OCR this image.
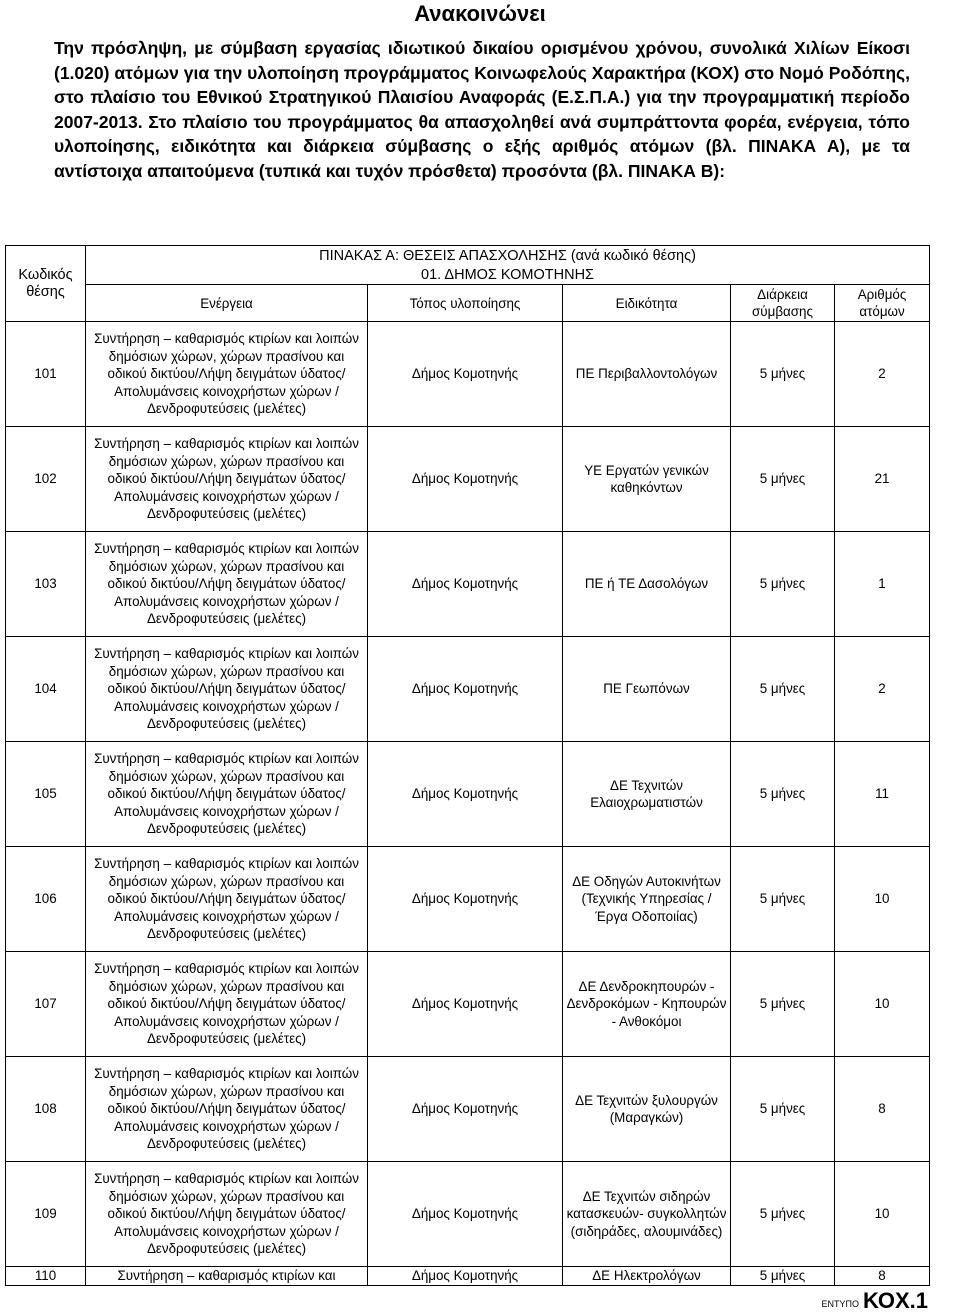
Ανακοινώνει

Την πρόσληψη, με σύμβαση εργασίας ιδιωτικού δικαίου ορισμένου χρόνου, συνολικά Χιλίων Είκοσι (1.020) ατόμων για την υλοποίηση προγράμματος Κοινωφελούς Χαρακτήρα (ΚΟΧ) στο Νομό Ροδόπης, στο πλαίσιο του Εθνικού Στρατηγικού Πλαισίου Αναφοράς (Ε.Σ.Π.Α.) για την προγραμματική περίοδο 2007-2013. Στο πλαίσιο του προγράμματος θα απασχοληθεί ανά συμπράττοντα φορέα, ενέργεια, τόπο υλοποίησης, ειδικότητα και διάρκεια σύμβασης ο εξής αριθμός ατόμων (βλ. ΠΙΝΑΚΑ Α), με τα αντίστοιχα απαιτούμενα (τυπικά και τυχόν πρόσθετα) προσόντα (βλ. ΠΙΝΑΚΑ Β):

Κωδικός θέσης	ΠΙΝΑΚΑΣ Α: ΘΕΣΕΙΣ ΑΠΑΣΧΟΛΗΣΗΣ (ανά κωδικό θέσης)				
	01. ΔΗΜΟΣ ΚΟΜΟΤΗΝΗΣ				
	Ενέργεια	Τόπος υλοποίησης	Ειδικότητα	Διάρκεια σύμβασης	Αριθμός ατόμων
101	Συντήρηση – καθαρισμός κτιρίων και λοιπών δημόσιων χώρων, χώρων πρασίνου και οδικού δικτύου/Λήψη δειγμάτων ύδατος/Απολυμάνσεις κοινοχρήστων χώρων / Δενδροφυτεύσεις (μελέτες)	Δήμος Κομοτηνής	ΠΕ Περιβαλλοντολόγων	5 μήνες	2
102	Συντήρηση – καθαρισμός κτιρίων και λοιπών δημόσιων χώρων, χώρων πρασίνου και οδικού δικτύου/Λήψη δειγμάτων ύδατος/Απολυμάνσεις κοινοχρήστων χώρων / Δενδροφυτεύσεις (μελέτες)	Δήμος Κομοτηνής	ΥΕ Εργατών γενικών καθηκόντων	5 μήνες	21
103	Συντήρηση – καθαρισμός κτιρίων και λοιπών δημόσιων χώρων, χώρων πρασίνου και οδικού δικτύου/Λήψη δειγμάτων ύδατος/Απολυμάνσεις κοινοχρήστων χώρων / Δενδροφυτεύσεις (μελέτες)	Δήμος Κομοτηνής	ΠΕ ή ΤΕ Δασολόγων	5 μήνες	1
104	Συντήρηση – καθαρισμός κτιρίων και λοιπών δημόσιων χώρων, χώρων πρασίνου και οδικού δικτύου/Λήψη δειγμάτων ύδατος/Απολυμάνσεις κοινοχρήστων χώρων / Δενδροφυτεύσεις (μελέτες)	Δήμος Κομοτηνής	ΠΕ Γεωπόνων	5 μήνες	2
105	Συντήρηση – καθαρισμός κτιρίων και λοιπών δημόσιων χώρων, χώρων πρασίνου και οδικού δικτύου/Λήψη δειγμάτων ύδατος/Απολυμάνσεις κοινοχρήστων χώρων / Δενδροφυτεύσεις (μελέτες)	Δήμος Κομοτηνής	ΔΕ Τεχνιτών Ελαιοχρωματιστών	5 μήνες	11
106	Συντήρηση – καθαρισμός κτιρίων και λοιπών δημόσιων χώρων, χώρων πρασίνου και οδικού δικτύου/Λήψη δειγμάτων ύδατος/Απολυμάνσεις κοινοχρήστων χώρων / Δενδροφυτεύσεις (μελέτες)	Δήμος Κομοτηνής	ΔΕ Οδηγών Αυτοκινήτων (Τεχνικής Υπηρεσίας / Έργα Οδοποιίας)	5 μήνες	10
107	Συντήρηση – καθαρισμός κτιρίων και λοιπών δημόσιων χώρων, χώρων πρασίνου και οδικού δικτύου/Λήψη δειγμάτων ύδατος/Απολυμάνσεις κοινοχρήστων χώρων / Δενδροφυτεύσεις (μελέτες)	Δήμος Κομοτηνής	ΔΕ Δενδροκηπουρών - Δενδροκόμων - Κηπουρών - Ανθοκόμοι	5 μήνες	10
108	Συντήρηση – καθαρισμός κτιρίων και λοιπών δημόσιων χώρων, χώρων πρασίνου και οδικού δικτύου/Λήψη δειγμάτων ύδατος/Απολυμάνσεις κοινοχρήστων χώρων / Δενδροφυτεύσεις (μελέτες)	Δήμος Κομοτηνής	ΔΕ Τεχνιτών ξυλουργών (Μαραγκών)	5 μήνες	8
109	Συντήρηση – καθαρισμός κτιρίων και λοιπών δημόσιων χώρων, χώρων πρασίνου και οδικού δικτύου/Λήψη δειγμάτων ύδατος/Απολυμάνσεις κοινοχρήστων χώρων / Δενδροφυτεύσεις (μελέτες)	Δήμος Κομοτηνής	ΔΕ Τεχνιτών σιδηρών κατασκευών- συγκολλητών (σιδηράδες, αλουμινάδες)	5 μήνες	10
110	Συντήρηση – καθαρισμός κτιρίων και	Δήμος Κομοτηνής	ΔΕ Ηλεκτρολόγων	5 μήνες	8
ΕΝΤΥΠΟ ΚΟΧ.1
